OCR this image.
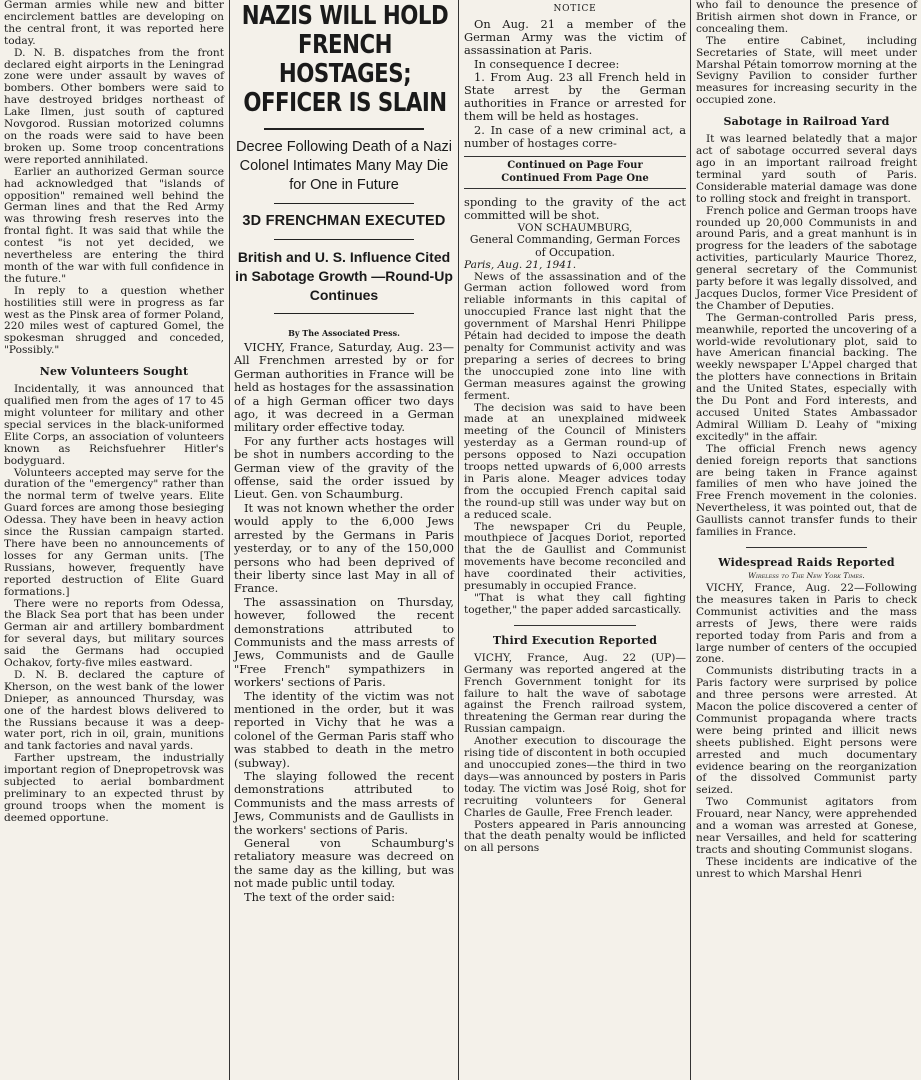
German armies while new and bitter encirclement battles are developing on the central front, it was reported here today.

D. N. B. dispatches from the front declared eight airports in the Leningrad zone were under assault by waves of bombers. Other bombers were said to have destroyed bridges northeast of Lake Ilmen, just south of captured Novgorod. Russian motorized columns on the roads were said to have been broken up. Some troop concentrations were reported annihilated.

Earlier an authorized German source had acknowledged that "islands of opposition" remained well behind the German lines and that the Red Army was throwing fresh reserves into the frontal fight. It was said that while the contest "is not yet decided, we nevertheless are entering the third month of the war with full confidence in the future."

In reply to a question whether hostilities still were in progress as far west as the Pinsk area of former Poland, 220 miles west of captured Gomel, the spokesman shrugged and conceded, "Possibly."

New Volunteers Sought

Incidentally, it was announced that qualified men from the ages of 17 to 45 might volunteer for military and other special services in the black-uniformed Elite Corps, an association of volunteers known as Reichsfuehrer Hitler's bodyguard.

Volunteers accepted may serve for the duration of the "emergency" rather than the normal term of twelve years. Elite Guard forces are among those besieging Odessa. They have been in heavy action since the Russian campaign started. There have been no announcements of losses for any German units. [The Russians, however, frequently have reported destruction of Elite Guard formations.]

There were no reports from Odessa, the Black Sea port that has been under German air and artillery bombardment for several days, but military sources said the Germans had occupied Ochakov, forty-five miles eastward.

D. N. B. declared the capture of Kherson, on the west bank of the lower Dnieper, as announced Thursday, was one of the hardest blows delivered to the Russians because it was a deep-water port, rich in oil, grain, munitions and tank factories and naval yards.

Farther upstream, the industrially important region of Dnepropetrovsk was subjected to aerial bombardment preliminary to an expected thrust by ground troops when the moment is deemed opportune.

NAZIS WILL HOLD FRENCH HOSTAGES; OFFICER IS SLAIN
Decree Following Death of a Nazi Colonel Intimates Many May Die for One in Future
3D FRENCHMAN EXECUTED
British and U. S. Influence Cited in Sabotage Growth —Round-Up Continues
By The Associated Press.

VICHY, France, Saturday, Aug. 23—All Frenchmen arrested by or for German authorities in France will be held as hostages for the assassination of a high German officer two days ago, it was decreed in a German military order effective today.

For any further acts hostages will be shot in numbers according to the German view of the gravity of the offense, said the order issued by Lieut. Gen. von Schaumburg.

It was not known whether the order would apply to the 6,000 Jews arrested by the Germans in Paris yesterday, or to any of the 150,000 persons who had been deprived of their liberty since last May in all of France.

The assassination on Thursday, however, followed the recent demonstrations attributed to Communists and the mass arrests of Jews, Communists and de Gaulle "Free French" sympathizers in workers' sections of Paris.

The identity of the victim was not mentioned in the order, but it was reported in Vichy that he was a colonel of the German Paris staff who was stabbed to death in the metro (subway).

The slaying followed the recent demonstrations attributed to Communists and the mass arrests of Jews, Communists and de Gaullists in the workers' sections of Paris.

General von Schaumburg's retaliatory measure was decreed on the same day as the killing, but was not made public until today.

The text of the order said:

NOTICE

On Aug. 21 a member of the German Army was the victim of assassination at Paris.

In consequence I decree:

1. From Aug. 23 all French held in State arrest by the German authorities in France or arrested for them will be held as hostages.

2. In case of a new criminal act, a number of hostages corre-

Continued on Page Four
Continued From Page One

sponding to the gravity of the act committed will be shot.

VON SCHAUMBURG,

General Commanding, German Forces of Occupation.

Paris, Aug. 21, 1941.

News of the assassination and of the German action followed word from reliable informants in this capital of unoccupied France last night that the government of Marshal Henri Philippe Pétain had decided to impose the death penalty for Communist activity and was preparing a series of decrees to bring the unoccupied zone into line with German measures against the growing ferment.

The decision was said to have been made at an unexplained midweek meeting of the Council of Ministers yesterday as a German round-up of persons opposed to Nazi occupation troops netted upwards of 6,000 arrests in Paris alone. Meager advices today from the occupied French capital said the round-up still was under way but on a reduced scale.

The newspaper Cri du Peuple, mouthpiece of Jacques Doriot, reported that the de Gaullist and Communist movements have become reconciled and have coordinated their activities, presumably in occupied France.

"That is what they call fighting together," the paper added sarcastically.

Third Execution Reported

VICHY, France, Aug. 22 (UP)—Germany was reported angered at the French Government tonight for its failure to halt the wave of sabotage against the French railroad system, threatening the German rear during the Russian campaign.

Another execution to discourage the rising tide of discontent in both occupied and unoccupied zones—the third in two days—was announced by posters in Paris today. The victim was José Roig, shot for recruiting volunteers for General Charles de Gaulle, Free French leader.

Posters appeared in Paris announcing that the death penalty would be inflicted on all persons

who fail to denounce the presence of British airmen shot down in France, or concealing them.

The entire Cabinet, including Secretaries of State, will meet under Marshal Pétain tomorrow morning at the Sevigny Pavilion to consider further measures for increasing security in the occupied zone.

Sabotage in Railroad Yard

It was learned belatedly that a major act of sabotage occurred several days ago in an important railroad freight terminal yard south of Paris. Considerable material damage was done to rolling stock and freight in transport.

French police and German troops have rounded up 20,000 Communists in and around Paris, and a great manhunt is in progress for the leaders of the sabotage activities, particularly Maurice Thorez, general secretary of the Communist party before it was legally dissolved, and Jacques Duclos, former Vice President of the Chamber of Deputies.

The German-controlled Paris press, meanwhile, reported the uncovering of a world-wide revolutionary plot, said to have American financial backing. The weekly newspaper L'Appel charged that the plotters have connections in Britain and the United States, especially with the Du Pont and Ford interests, and accused United States Ambassador Admiral William D. Leahy of "mixing excitedly" in the affair.

The official French news agency denied foreign reports that sanctions are being taken in France against families of men who have joined the Free French movement in the colonies. Nevertheless, it was pointed out, that de Gaullists cannot transfer funds to their families in France.

Widespread Raids Reported
Wireless to The New York Times.

VICHY, France, Aug. 22—Following the measures taken in Paris to check Communist activities and the mass arrests of Jews, there were raids reported today from Paris and from a large number of centers of the occupied zone.

Communists distributing tracts in a Paris factory were surprised by police and three persons were arrested. At Macon the police discovered a center of Communist propaganda where tracts were being printed and illicit news sheets published. Eight persons were arrested and much documentary evidence bearing on the reorganization of the dissolved Communist party seized.

Two Communist agitators from Frouard, near Nancy, were apprehended and a woman was arrested at Gonese, near Versailles, and held for scattering tracts and shouting Communist slogans.

These incidents are indicative of the unrest to which Marshal Henri
